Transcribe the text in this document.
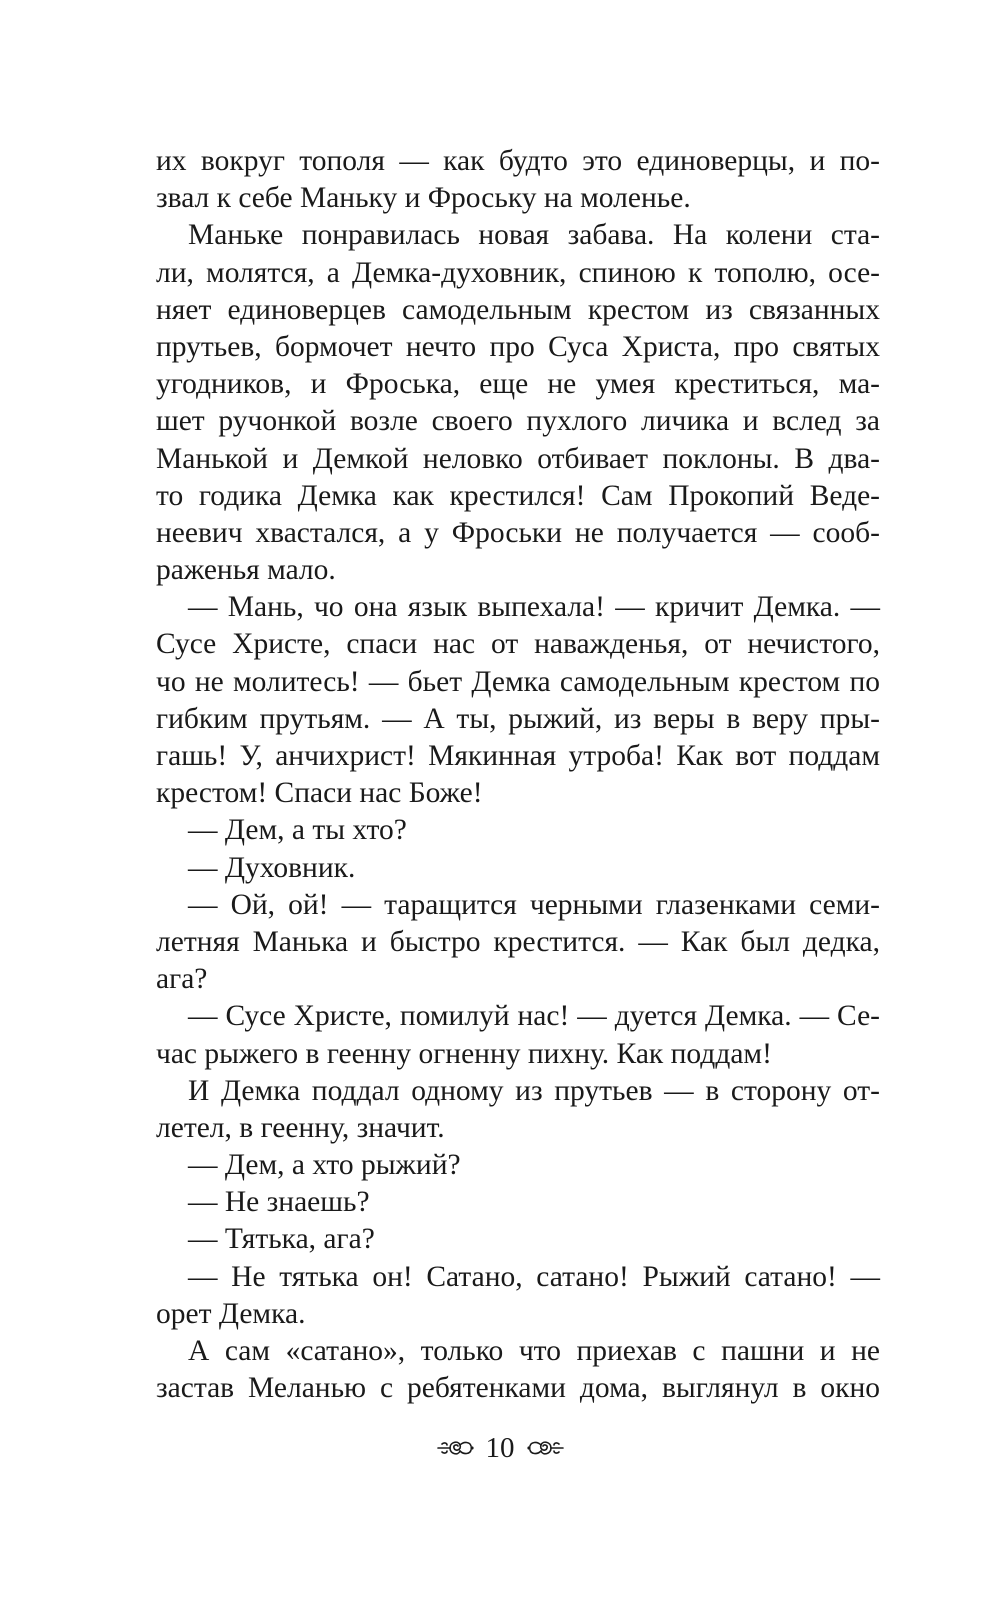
их вокруг тополя — как будто это единоверцы, и по-
звал к себе Маньку и Фроську на моленье.
Маньке понравилась новая забава. На колени ста-
ли, молятся, а Демка-духовник, спиною к тополю, осе-
няет единоверцев самодельным крестом из связанных
прутьев, бормочет нечто про Суса Христа, про святых
угодников, и Фроська, еще не умея креститься, ма-
шет ручонкой возле своего пухлого личика и вслед за
Манькой и Демкой неловко отбивает поклоны. В два-
то годика Демка как крестился! Сам Прокопий Веде-
неевич хвастался, а у Фроськи не получается — сооб-
раженья мало.
— Мань, чо она язык выпехала! — кричит Демка. —
Сусе Христе, спаси нас от наважденья, от нечистого,
чо не молитесь! — бьет Демка самодельным крестом по
гибким прутьям. — А ты, рыжий, из веры в веру пры-
гашь! У, анчихрист! Мякинная утроба! Как вот поддам
крестом! Спаси нас Боже!
— Дем, а ты хто?
— Духовник.
— Ой, ой! — таращится черными глазенками семи-
летняя Манька и быстро крестится. — Как был дедка,
ага?
— Сусе Христе, помилуй нас! — дуется Демка. — Се-
час рыжего в геенну огненну пихну. Как поддам!
И Демка поддал одному из прутьев — в сторону от-
летел, в геенну, значит.
— Дем, а хто рыжий?
— Не знаешь?
— Тятька, ага?
— Не тятька он! Сатано, сатано! Рыжий сатано! —
орет Демка.
А сам «сатано», только что приехав с пашни и не
застав Меланью с ребятенками дома, выглянул в окно
10
